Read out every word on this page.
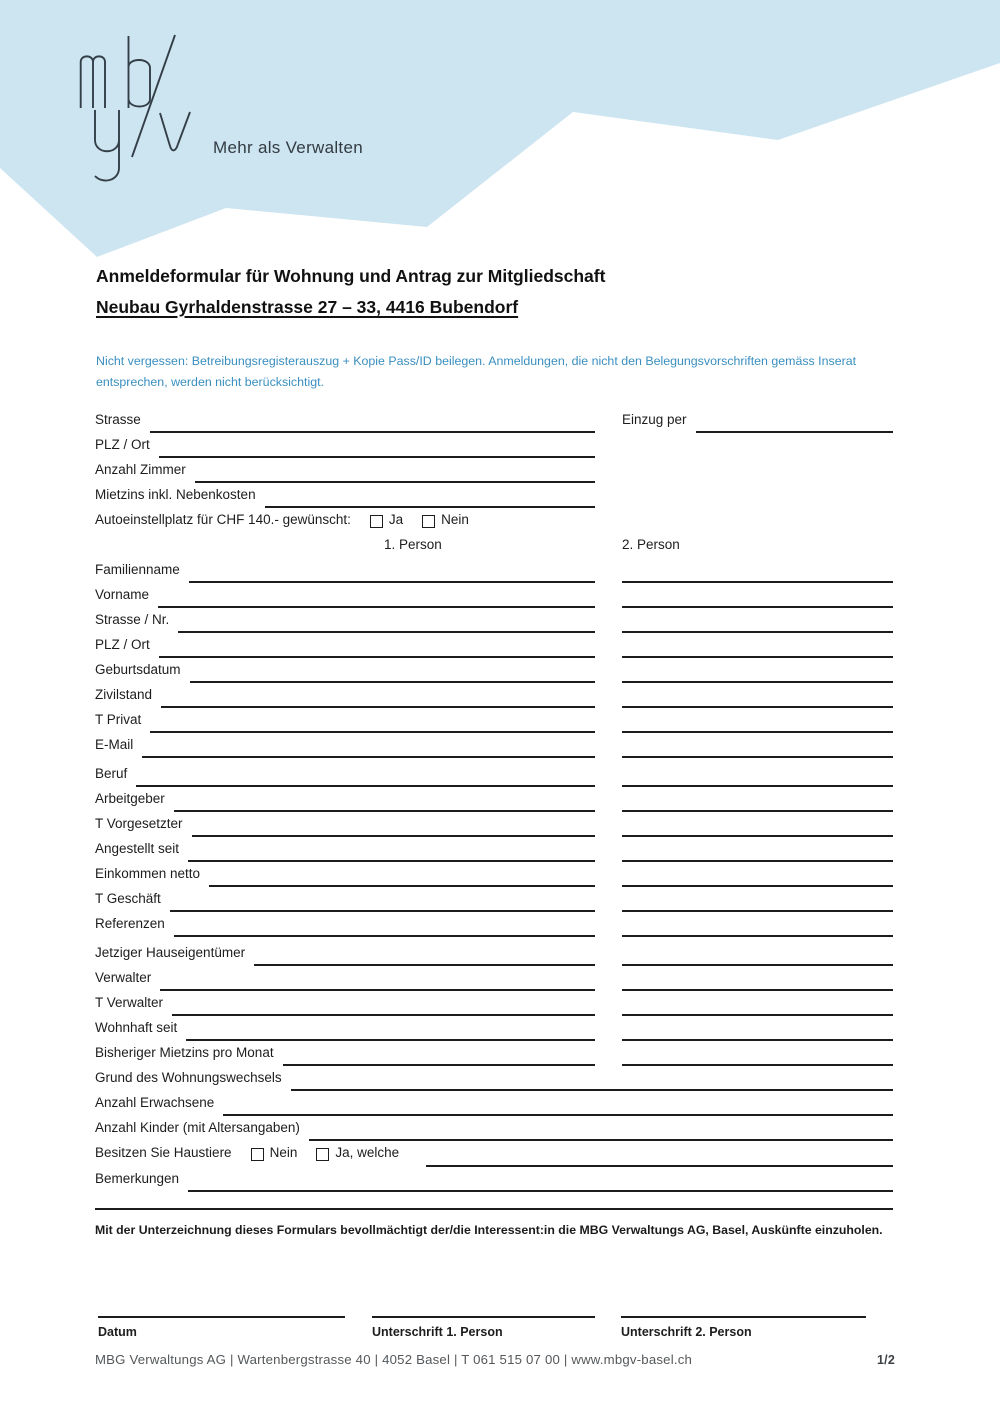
Mehr als Verwalten
Anmeldeformular für Wohnung und Antrag zur Mitgliedschaft
Neubau Gyrhaldenstrasse 27 – 33, 4416 Bubendorf
Nicht vergessen: Betreibungsregisterauszug + Kopie Pass/ID beilegen. Anmeldungen, die nicht den Belegungsvorschriften gemäss Inserat entsprechen, werden nicht berücksichtigt.
Strasse	Einzug per
PLZ / Ort
Anzahl Zimmer
Mietzins inkl. Nebenkosten
Autoeinstellplatz für CHF 140.- gewünscht:	Ja	Nein
1. Person	2. Person
Familienname
Vorname
Strasse / Nr.
PLZ / Ort
Geburtsdatum
Zivilstand
T Privat
E-Mail
Beruf
Arbeitgeber
T Vorgesetzter
Angestellt seit
Einkommen netto
T Geschäft
Referenzen
Jetziger Hauseigentümer
Verwalter
T Verwalter
Wohnhaft seit
Bisheriger Mietzins pro Monat
Grund des Wohnungswechsels
Anzahl Erwachsene
Anzahl Kinder (mit Altersangaben)
Besitzen Sie Haustiere	Nein	Ja, welche
Bemerkungen
Mit der Unterzeichnung dieses Formulars bevollmächtigt der/die Interessent:in die MBG Verwaltungs AG, Basel, Auskünfte einzuholen.
Datum	Unterschrift 1. Person	Unterschrift 2. Person
MBG Verwaltungs AG | Wartenbergstrasse 40 | 4052 Basel | T 061 515 07 00 | www.mbgv-basel.ch	1/2
